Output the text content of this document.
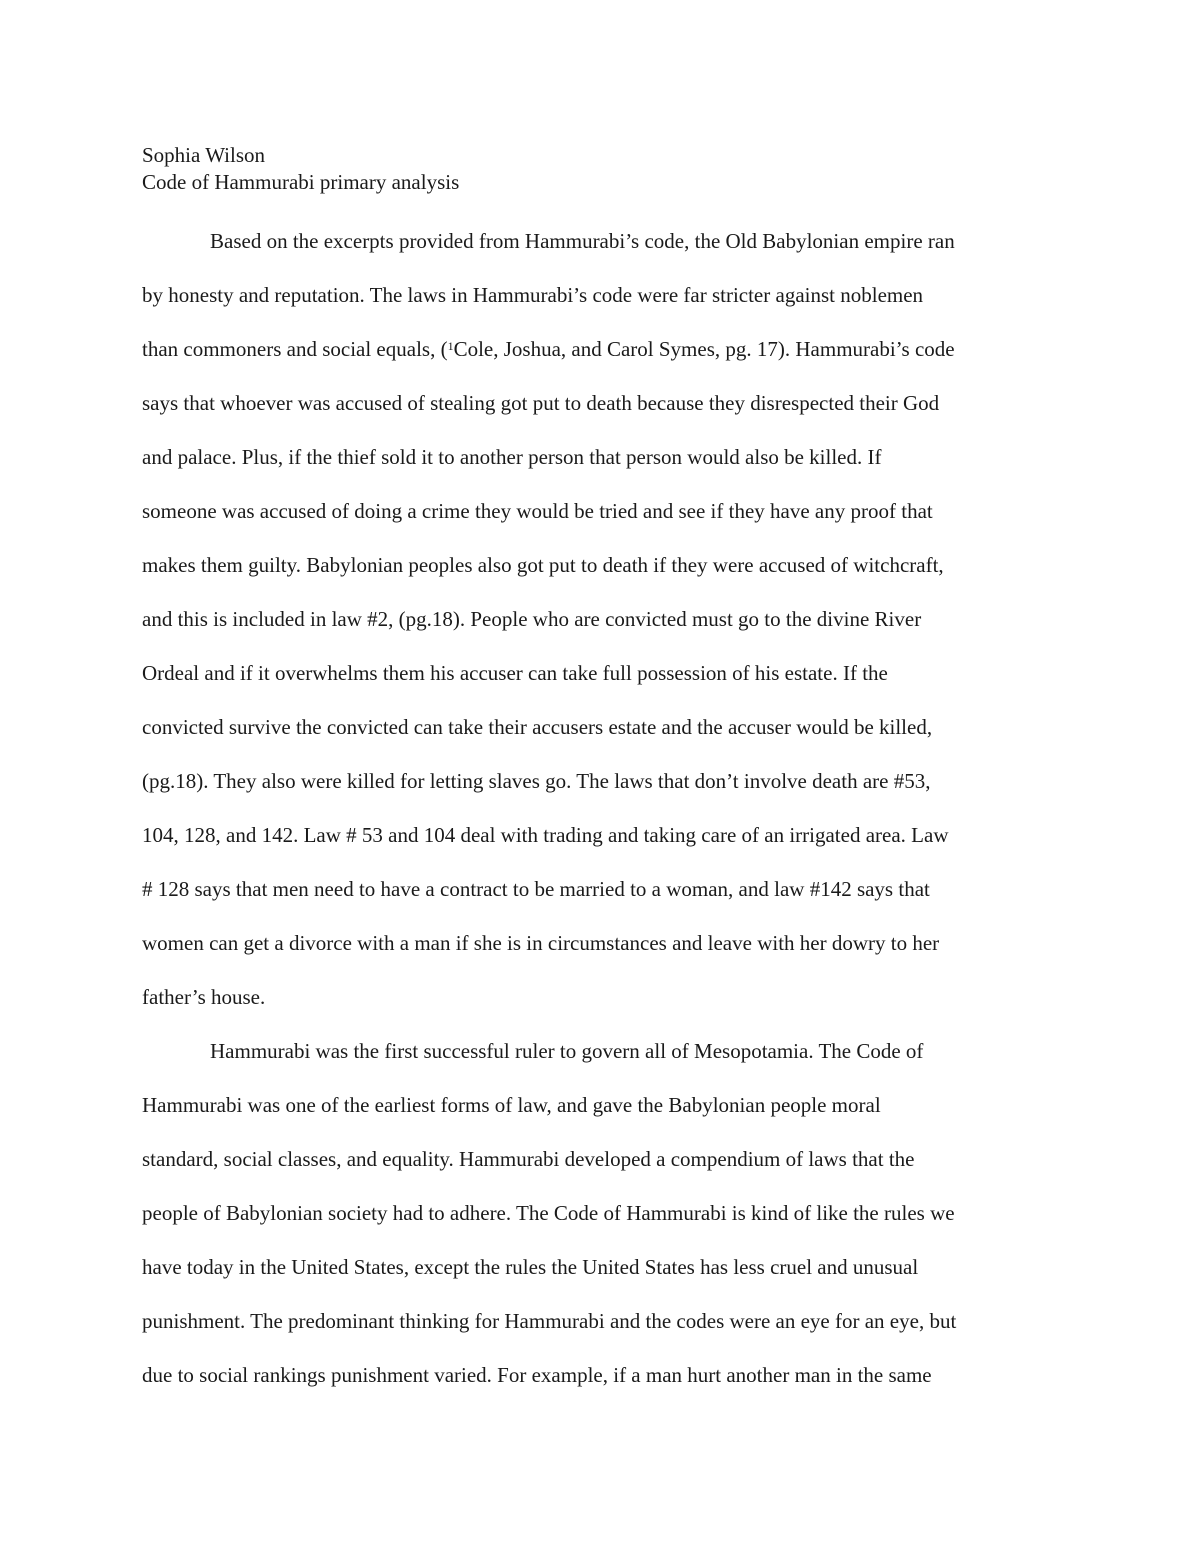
Sophia Wilson
Code of Hammurabi primary analysis
Based on the excerpts provided from Hammurabi’s code, the Old Babylonian empire ran
by honesty and reputation. The laws in Hammurabi’s code were far stricter against noblemen
than commoners and social equals, ($^1$Cole, Joshua, and Carol Symes, pg. 17). Hammurabi’s code
says that whoever was accused of stealing got put to death because they disrespected their God
and palace. Plus, if the thief sold it to another person that person would also be killed. If
someone was accused of doing a crime they would be tried and see if they have any proof that
makes them guilty. Babylonian peoples also got put to death if they were accused of witchcraft,
and this is included in law #2, (pg.18). People who are convicted must go to the divine River
Ordeal and if it overwhelms them his accuser can take full possession of his estate. If the
convicted survive the convicted can take their accusers estate and the accuser would be killed,
(pg.18). They also were killed for letting slaves go. The laws that don’t involve death are #53,
104, 128, and 142. Law # 53 and 104 deal with trading and taking care of an irrigated area. Law
# 128 says that men need to have a contract to be married to a woman, and law #142 says that
women can get a divorce with a man if she is in circumstances and leave with her dowry to her
father’s house.
Hammurabi was the first successful ruler to govern all of Mesopotamia. The Code of
Hammurabi was one of the earliest forms of law, and gave the Babylonian people moral
standard, social classes, and equality. Hammurabi developed a compendium of laws that the
people of Babylonian society had to adhere. The Code of Hammurabi is kind of like the rules we
have today in the United States, except the rules the United States has less cruel and unusual
punishment. The predominant thinking for Hammurabi and the codes were an eye for an eye, but
due to social rankings punishment varied. For example, if a man hurt another man in the same
